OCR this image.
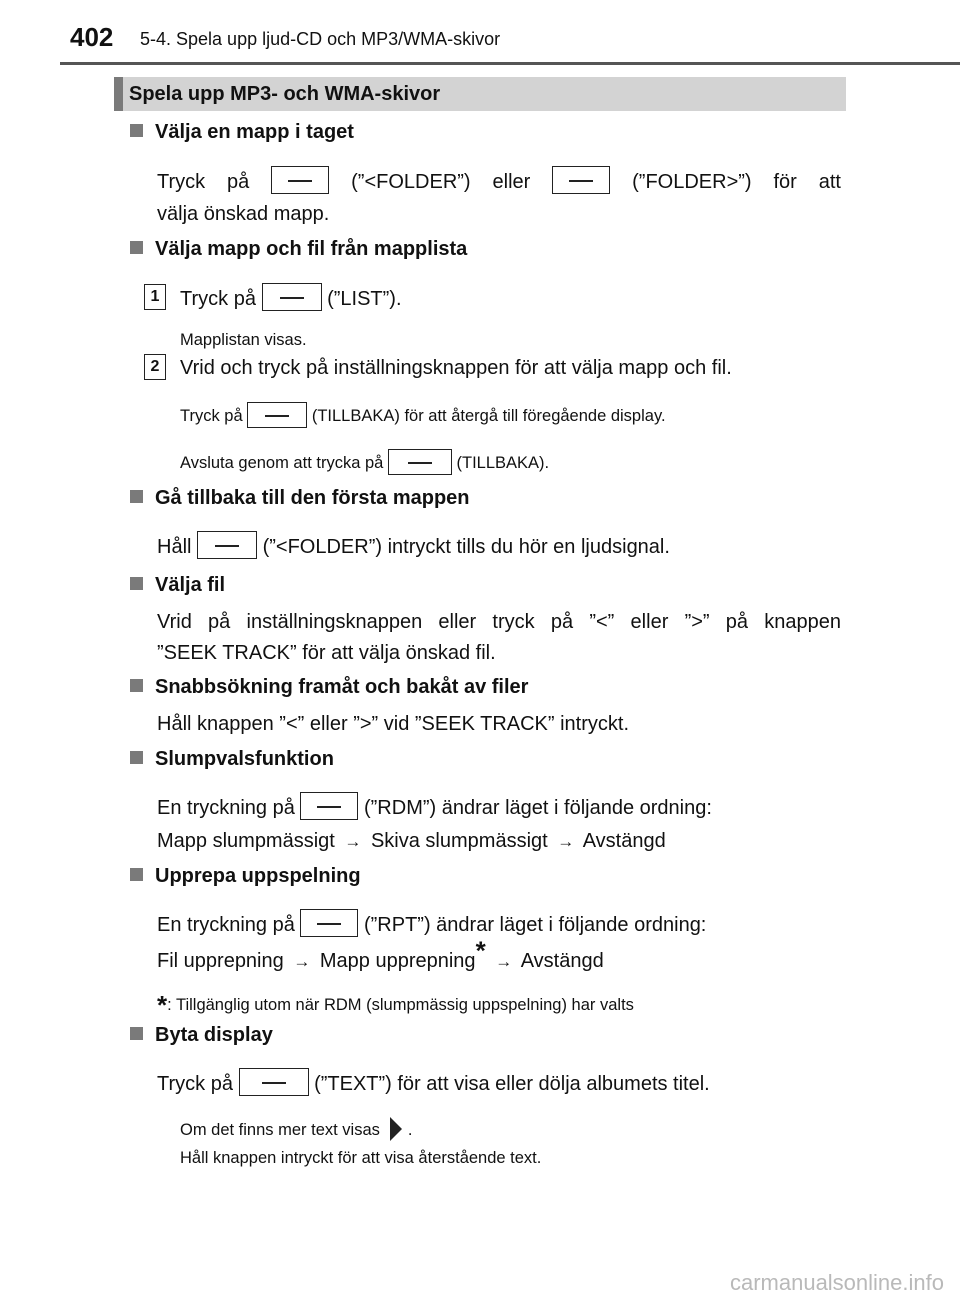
402 5-4. Spela upp ljud-CD och MP3/WMA-skivor
Spela upp MP3- och WMA-skivor
Välja en mapp i taget
Tryck på	(”<FOLDER”) eller	(”FOLDER>”) för att
välja önskad mapp.
Välja mapp och fil från mapplista
1	Tryck på	(”LIST”).
Mapplistan visas.
2	Vrid och tryck på inställningsknappen för att välja mapp och fil.
Tryck på	(TILLBAKA) för att återgå till föregående display.
Avsluta genom att trycka på	(TILLBAKA).
Gå tillbaka till den första mappen
Håll	(”<FOLDER”) intryckt tills du hör en ljudsignal.
Välja fil
Vrid på inställningsknappen eller tryck på ”<” eller ”>” på knappen
”SEEK TRACK” för att välja önskad fil.
Snabbsökning framåt och bakåt av filer
Håll knappen ”<” eller ”>” vid ”SEEK TRACK” intryckt.
Slumpvalsfunktion
En tryckning på	(”RDM”) ändrar läget i följande ordning:
Mapp slumpmässigt → Skiva slumpmässigt → Avstängd
Upprepa uppspelning
En tryckning på	(”RPT”) ändrar läget i följande ordning:
Fil upprepning → Mapp upprepning* → Avstängd
*: Tillgänglig utom när RDM (slumpmässig uppspelning) har valts
Byta display
Tryck på	(”TEXT”) för att visa eller dölja albumets titel.
Om det finns mer text visas .
Håll knappen intryckt för att visa återstående text.
carmanualsonline.info
